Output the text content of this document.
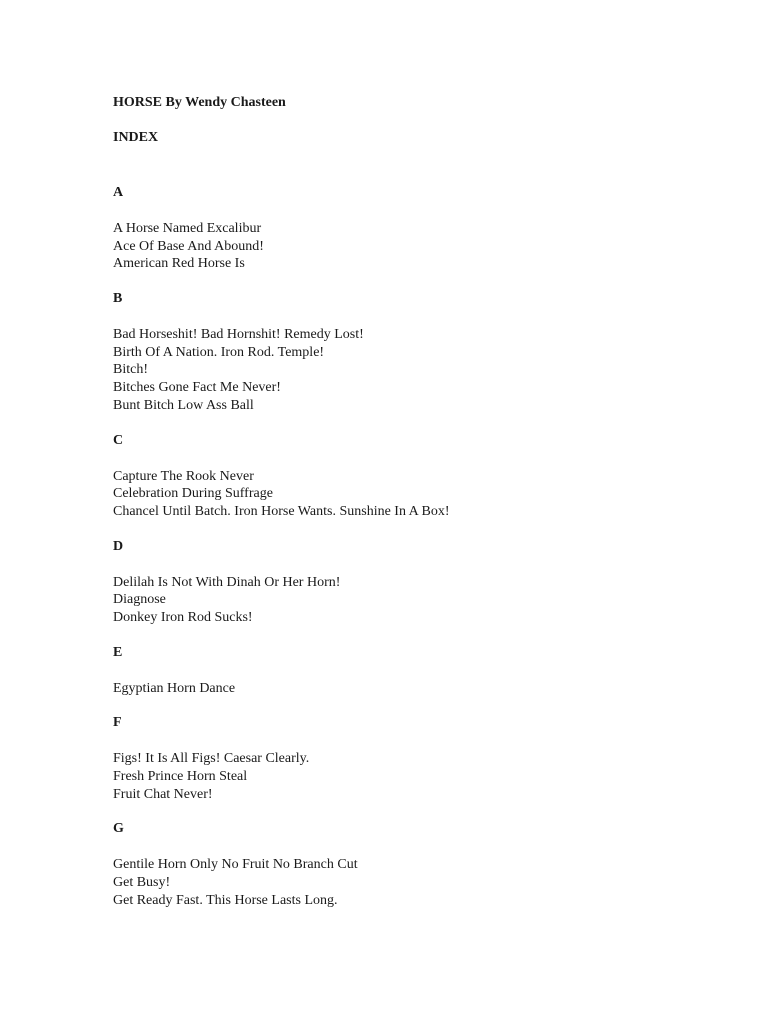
HORSE By Wendy Chasteen
INDEX
A
A Horse Named Excalibur
Ace Of Base And Abound!
American Red Horse Is
B
Bad Horseshit! Bad Hornshit! Remedy Lost!
Birth Of A Nation. Iron Rod. Temple!
Bitch!
Bitches Gone Fact Me Never!
Bunt Bitch Low Ass Ball
C
Capture The Rook Never
Celebration During Suffrage
Chancel Until Batch. Iron Horse Wants. Sunshine In A Box!
D
Delilah Is Not With Dinah Or Her Horn!
Diagnose
Donkey Iron Rod Sucks!
E
Egyptian Horn Dance
F
Figs! It Is All Figs! Caesar Clearly.
Fresh Prince Horn Steal
Fruit Chat Never!
G
Gentile Horn Only No Fruit No Branch Cut
Get Busy!
Get Ready Fast. This Horse Lasts Long.
